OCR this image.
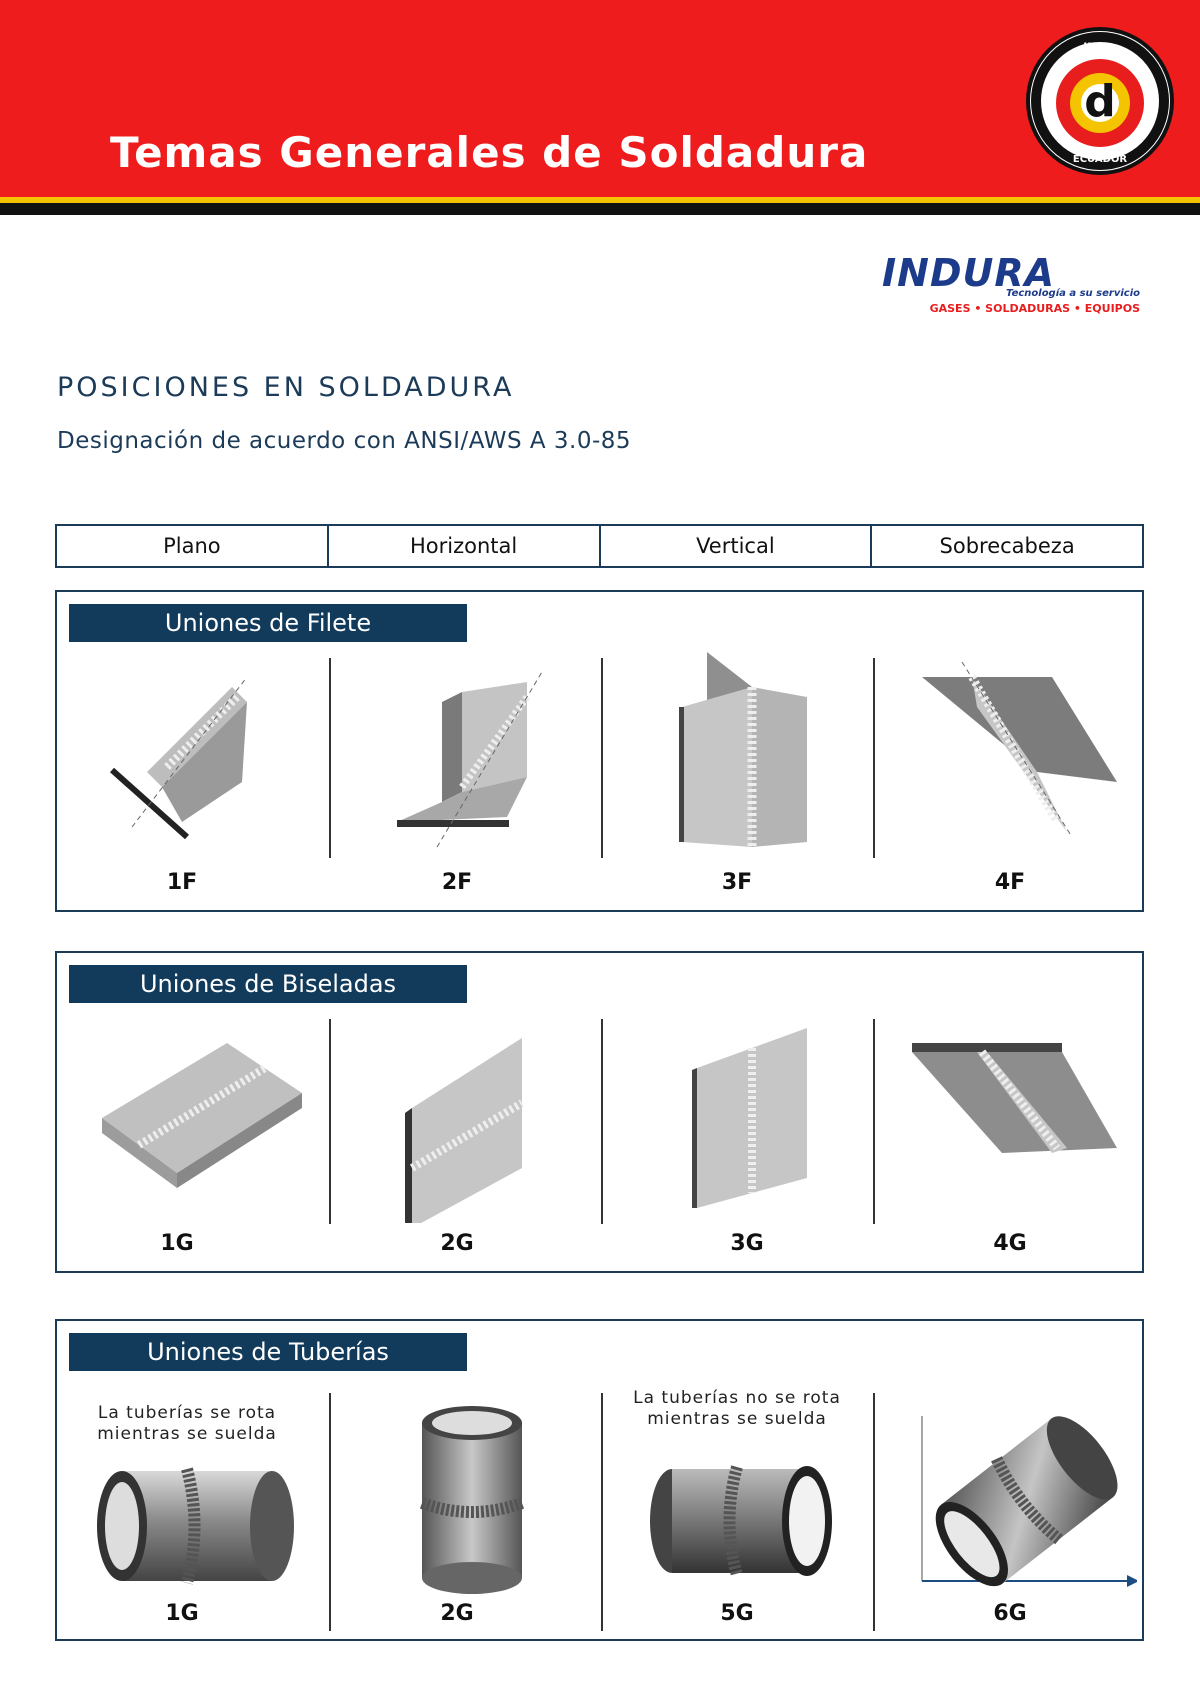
Temas Generales de Soldadura
d
dispro
ECUADOR
INDURA
Tecnología a su servicio
GASES • SOLDADURAS • EQUIPOS
POSICIONES EN SOLDADURA
Designación de acuerdo con ANSI/AWS A 3.0-85
Plano	Horizontal	Vertical	Sobrecabeza
Uniones de Filete
1F	2F	3F	4F
Uniones de Biseladas
1G	2G	3G	4G
Uniones de Tuberías
La tuberías se rota mientras se suelda
La tuberías no se rota mientras se suelda
1G	2G	5G	6G
